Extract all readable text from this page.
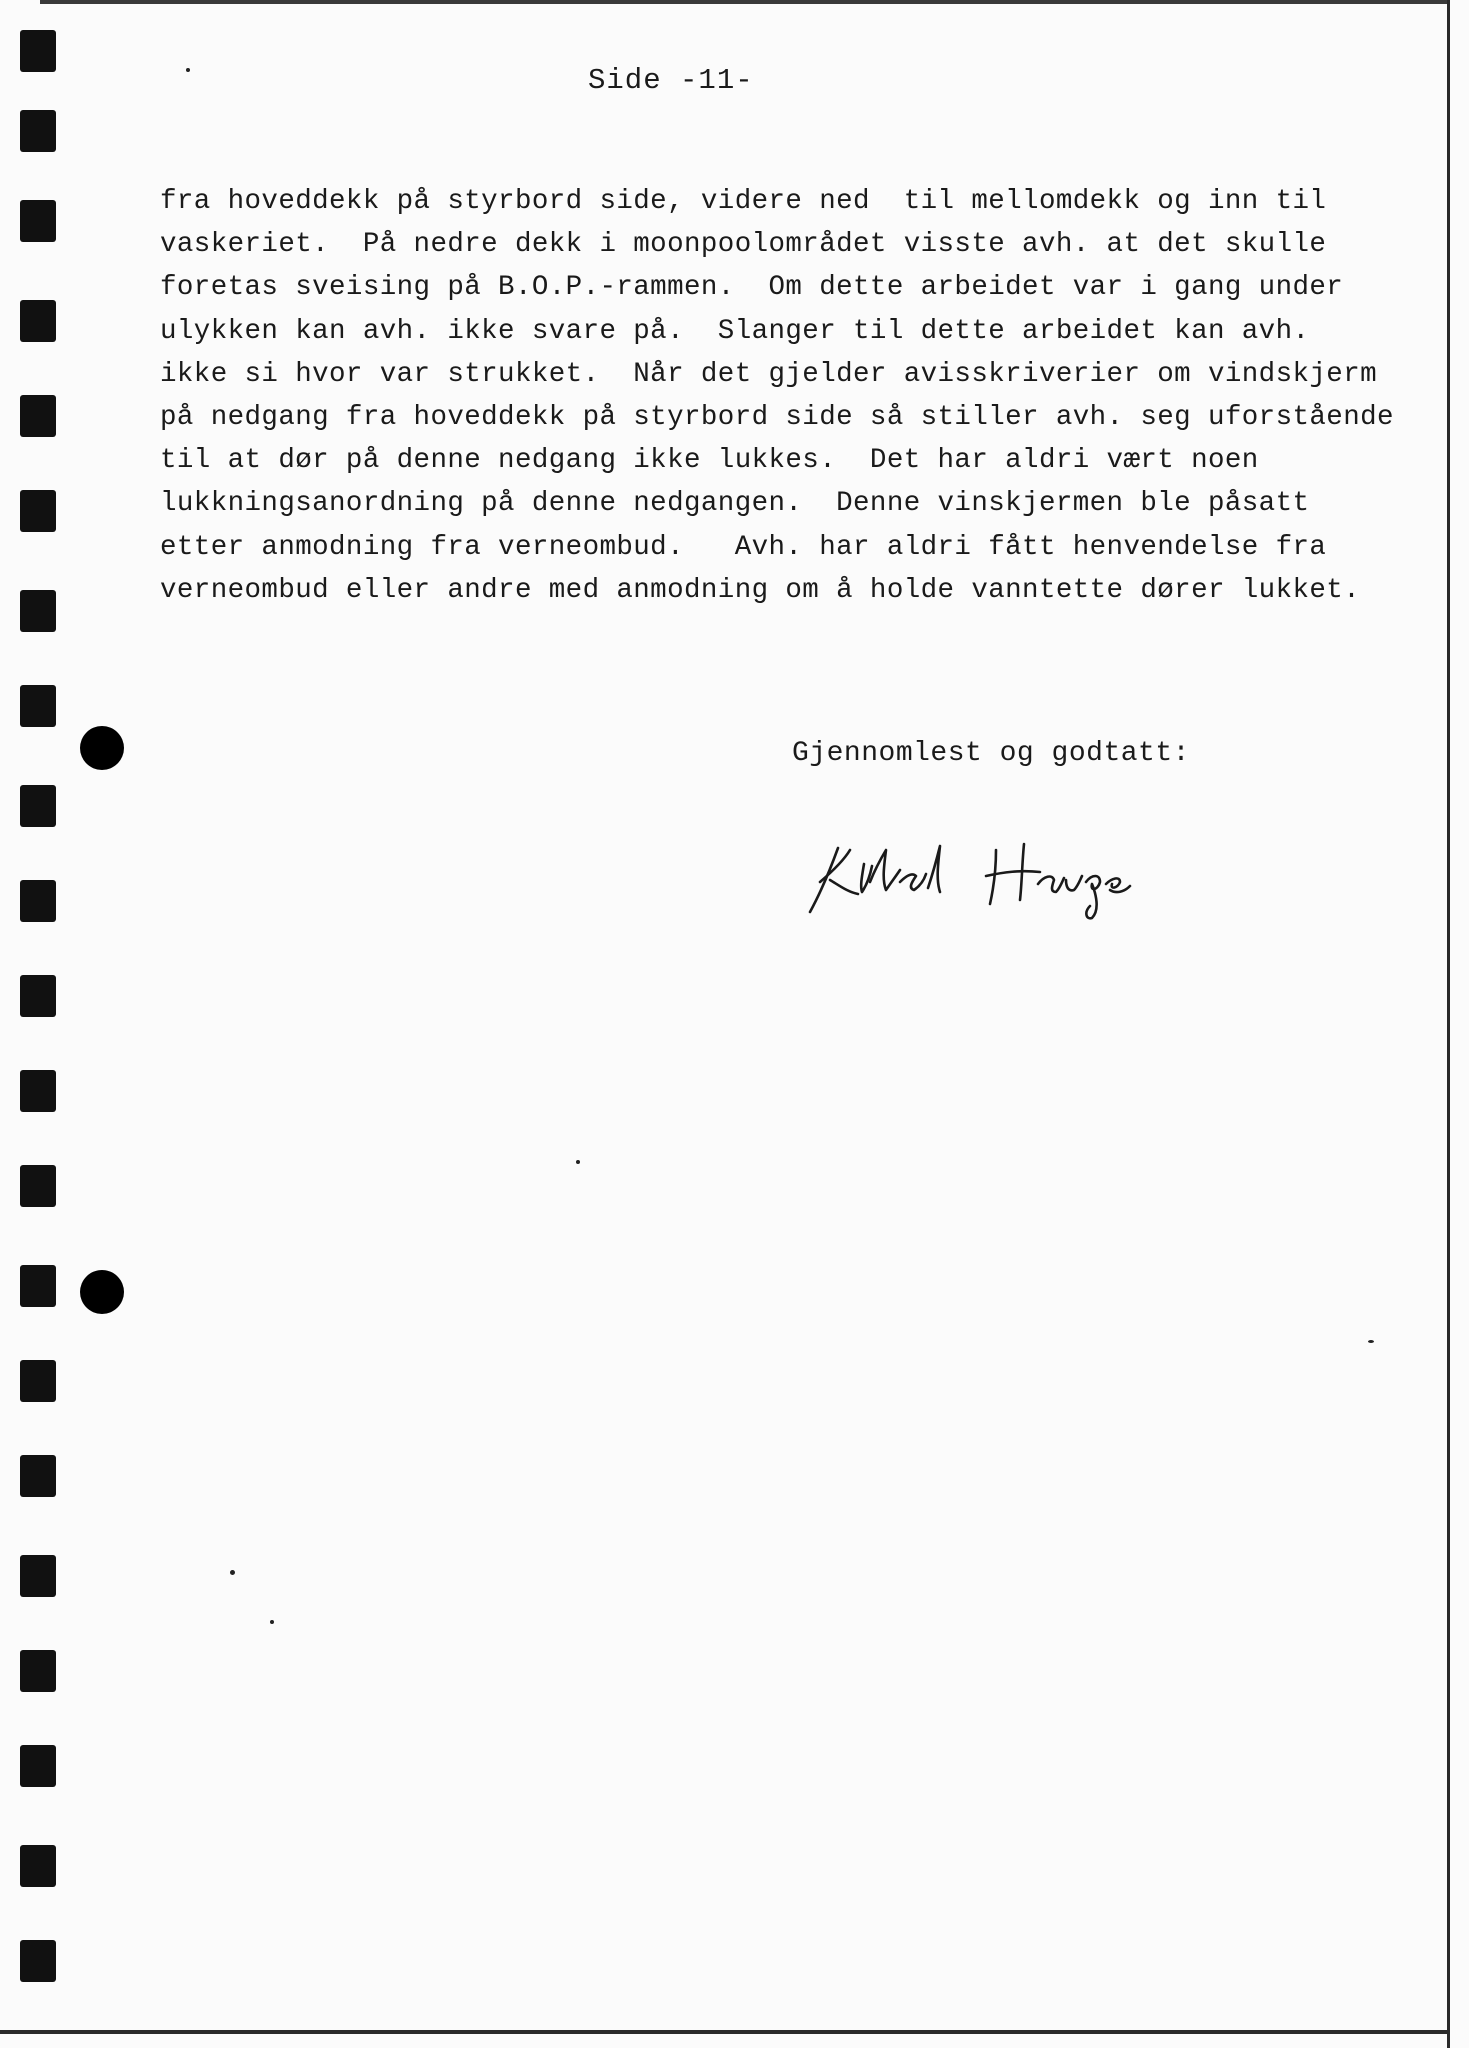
Side -11-
fra hoveddekk på styrbord side, videre ned  til mellomdekk og inn til
vaskeriet.  På nedre dekk i moonpoolområdet visste avh. at det skulle
foretas sveising på B.O.P.-rammen.  Om dette arbeidet var i gang under
ulykken kan avh. ikke svare på.  Slanger til dette arbeidet kan avh.
ikke si hvor var strukket.  Når det gjelder avisskriverier om vindskjerm
på nedgang fra hoveddekk på styrbord side så stiller avh. seg uforstående
til at dør på denne nedgang ikke lukkes.  Det har aldri vært noen
lukkningsanordning på denne nedgangen.  Denne vinskjermen ble påsatt
etter anmodning fra verneombud.   Avh. har aldri fått henvendelse fra
verneombud eller andre med anmodning om å holde vanntette dører lukket.
Gjennomlest og godtatt:
